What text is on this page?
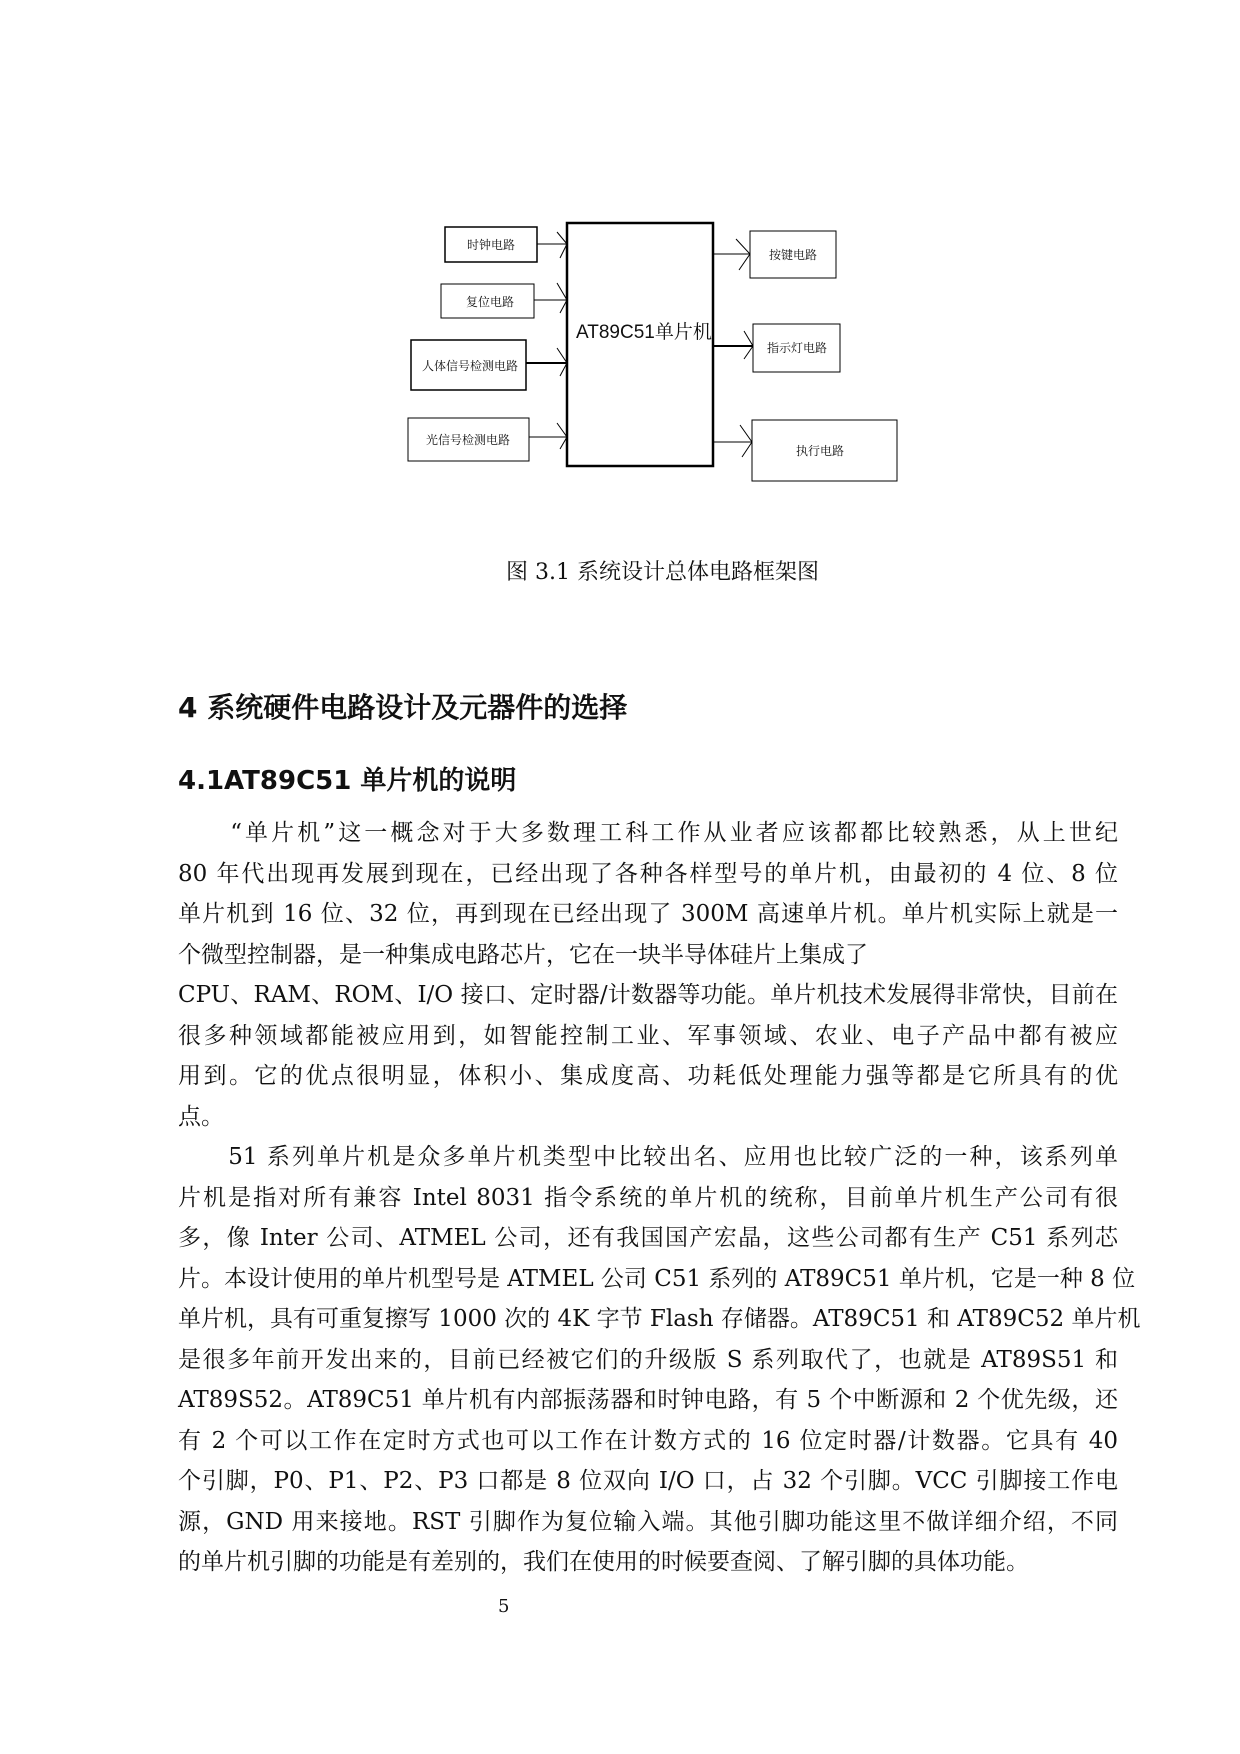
AT89C51单片机
时钟电路
复位电路
人体信号检测电路
光信号检测电路
按键电路
指示灯电路
执行电路
图 3.1 系统设计总体电路框架图
4 系统硬件电路设计及元器件的选择
4.1AT89C51 单片机的说明
　　“单片机”这一概念对于大多数理工科工作从业者应该都都比较熟悉，从上世纪
80 年代出现再发展到现在，已经出现了各种各样型号的单片机，由最初的 4 位、8 位
单片机到 16 位、32 位，再到现在已经出现了 300M 高速单片机。单片机实际上就是一
个微型控制器，是一种集成电路芯片，它在一块半导体硅片上集成了
CPU、RAM、ROM、I/O 接口、定时器/计数器等功能。单片机技术发展得非常快，目前在
很多种领域都能被应用到，如智能控制工业、军事领域、农业、电子产品中都有被应
用到。它的优点很明显，体积小、集成度高、功耗低处理能力强等都是它所具有的优
点。
　　51 系列单片机是众多单片机类型中比较出名、应用也比较广泛的一种，该系列单
片机是指对所有兼容 Intel 8031 指令系统的单片机的统称，目前单片机生产公司有很
多，像 Inter 公司、ATMEL 公司，还有我国国产宏晶，这些公司都有生产 C51 系列芯
片。本设计使用的单片机型号是 ATMEL 公司 C51 系列的 AT89C51 单片机，它是一种 8 位
单片机，具有可重复擦写 1000 次的 4K 字节 Flash 存储器。AT89C51 和 AT89C52 单片机
是很多年前开发出来的，目前已经被它们的升级版 S 系列取代了，也就是 AT89S51 和
AT89S52。AT89C51 单片机有内部振荡器和时钟电路，有 5 个中断源和 2 个优先级，还
有 2 个可以工作在定时方式也可以工作在计数方式的 16 位定时器/计数器。它具有 40
个引脚，P0、P1、P2、P3 口都是 8 位双向 I/O 口，占 32 个引脚。VCC 引脚接工作电
源，GND 用来接地。RST 引脚作为复位输入端。其他引脚功能这里不做详细介绍，不同
的单片机引脚的功能是有差别的，我们在使用的时候要查阅、了解引脚的具体功能。
5
